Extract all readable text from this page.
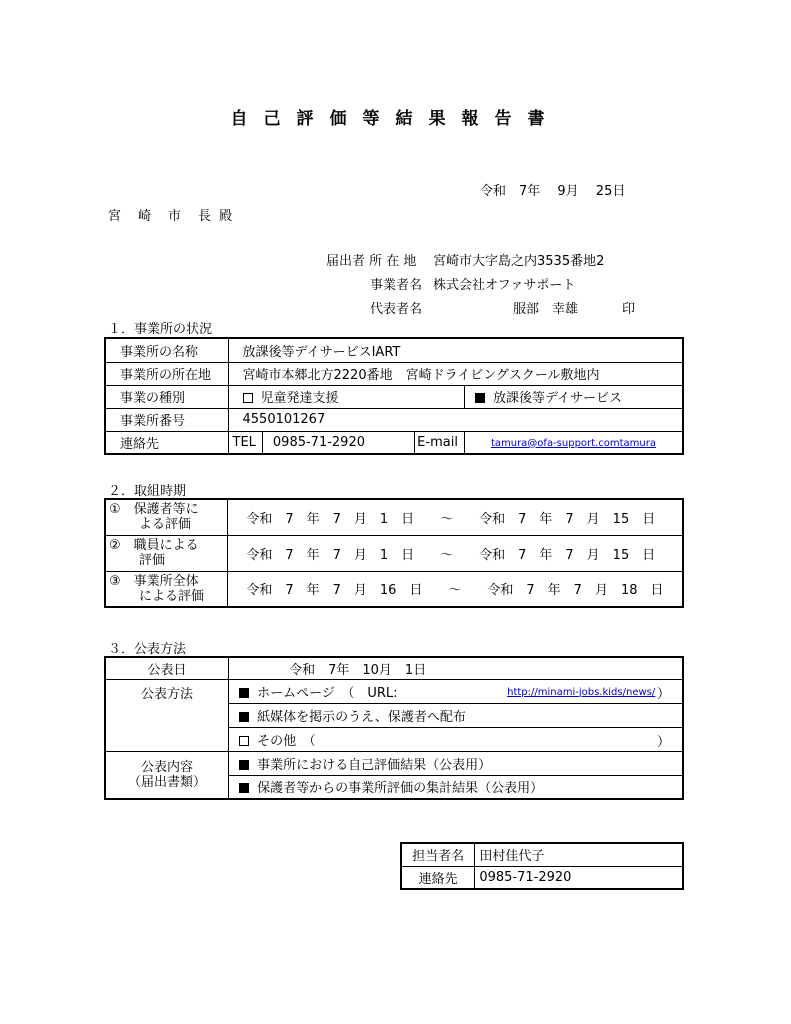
自己評価等結果報告書
令和　7年　 9月　 25日
宮　崎　市　長 殿
届出者 所 在 地 宮崎市大字島之内3535番地2
事業者名 株式会社オファサポート
代表者名	服部　幸雄	印
１．事業所の状況
事業所の名称	放課後等デイサービスIART			
事業所の所在地	宮崎市本郷北方2220番地　宮崎ドライビングスクール敷地内			
事業の種別	児童発達支援			放課後等デイサービス
事業所番号	4550101267			
連絡先	TEL	0985-71-2920	E-mail	tamura@ofa-support.comtamura
２．取組時期
①　 保護者等に
よる評価	令和　7　年　7　月　1　日　　～　　令和　7　年　7　月　15　日
②　 職員による
評価	令和　7　年　7　月　1　日　　～　　令和　7　年　7　月　15　日
③　 事業所全体
による評価	令和　7　年　7　月　16　日　　～　　令和　7　年　7　月　18　日
３．公表方法
公表日	令和　7年　10月　1日
公表方法	ホームページ　（　URL: http://minami-jobs.kids/news/ ）

	紙媒体を掲示のうえ、保護者へ配布
	その他　（ ）

公表内容
（届出書類）	事業所における自己評価結果（公表用）
	保護者等からの事業所評価の集計結果（公表用）
担当者名	田村佳代子
連絡先	0985-71-2920
